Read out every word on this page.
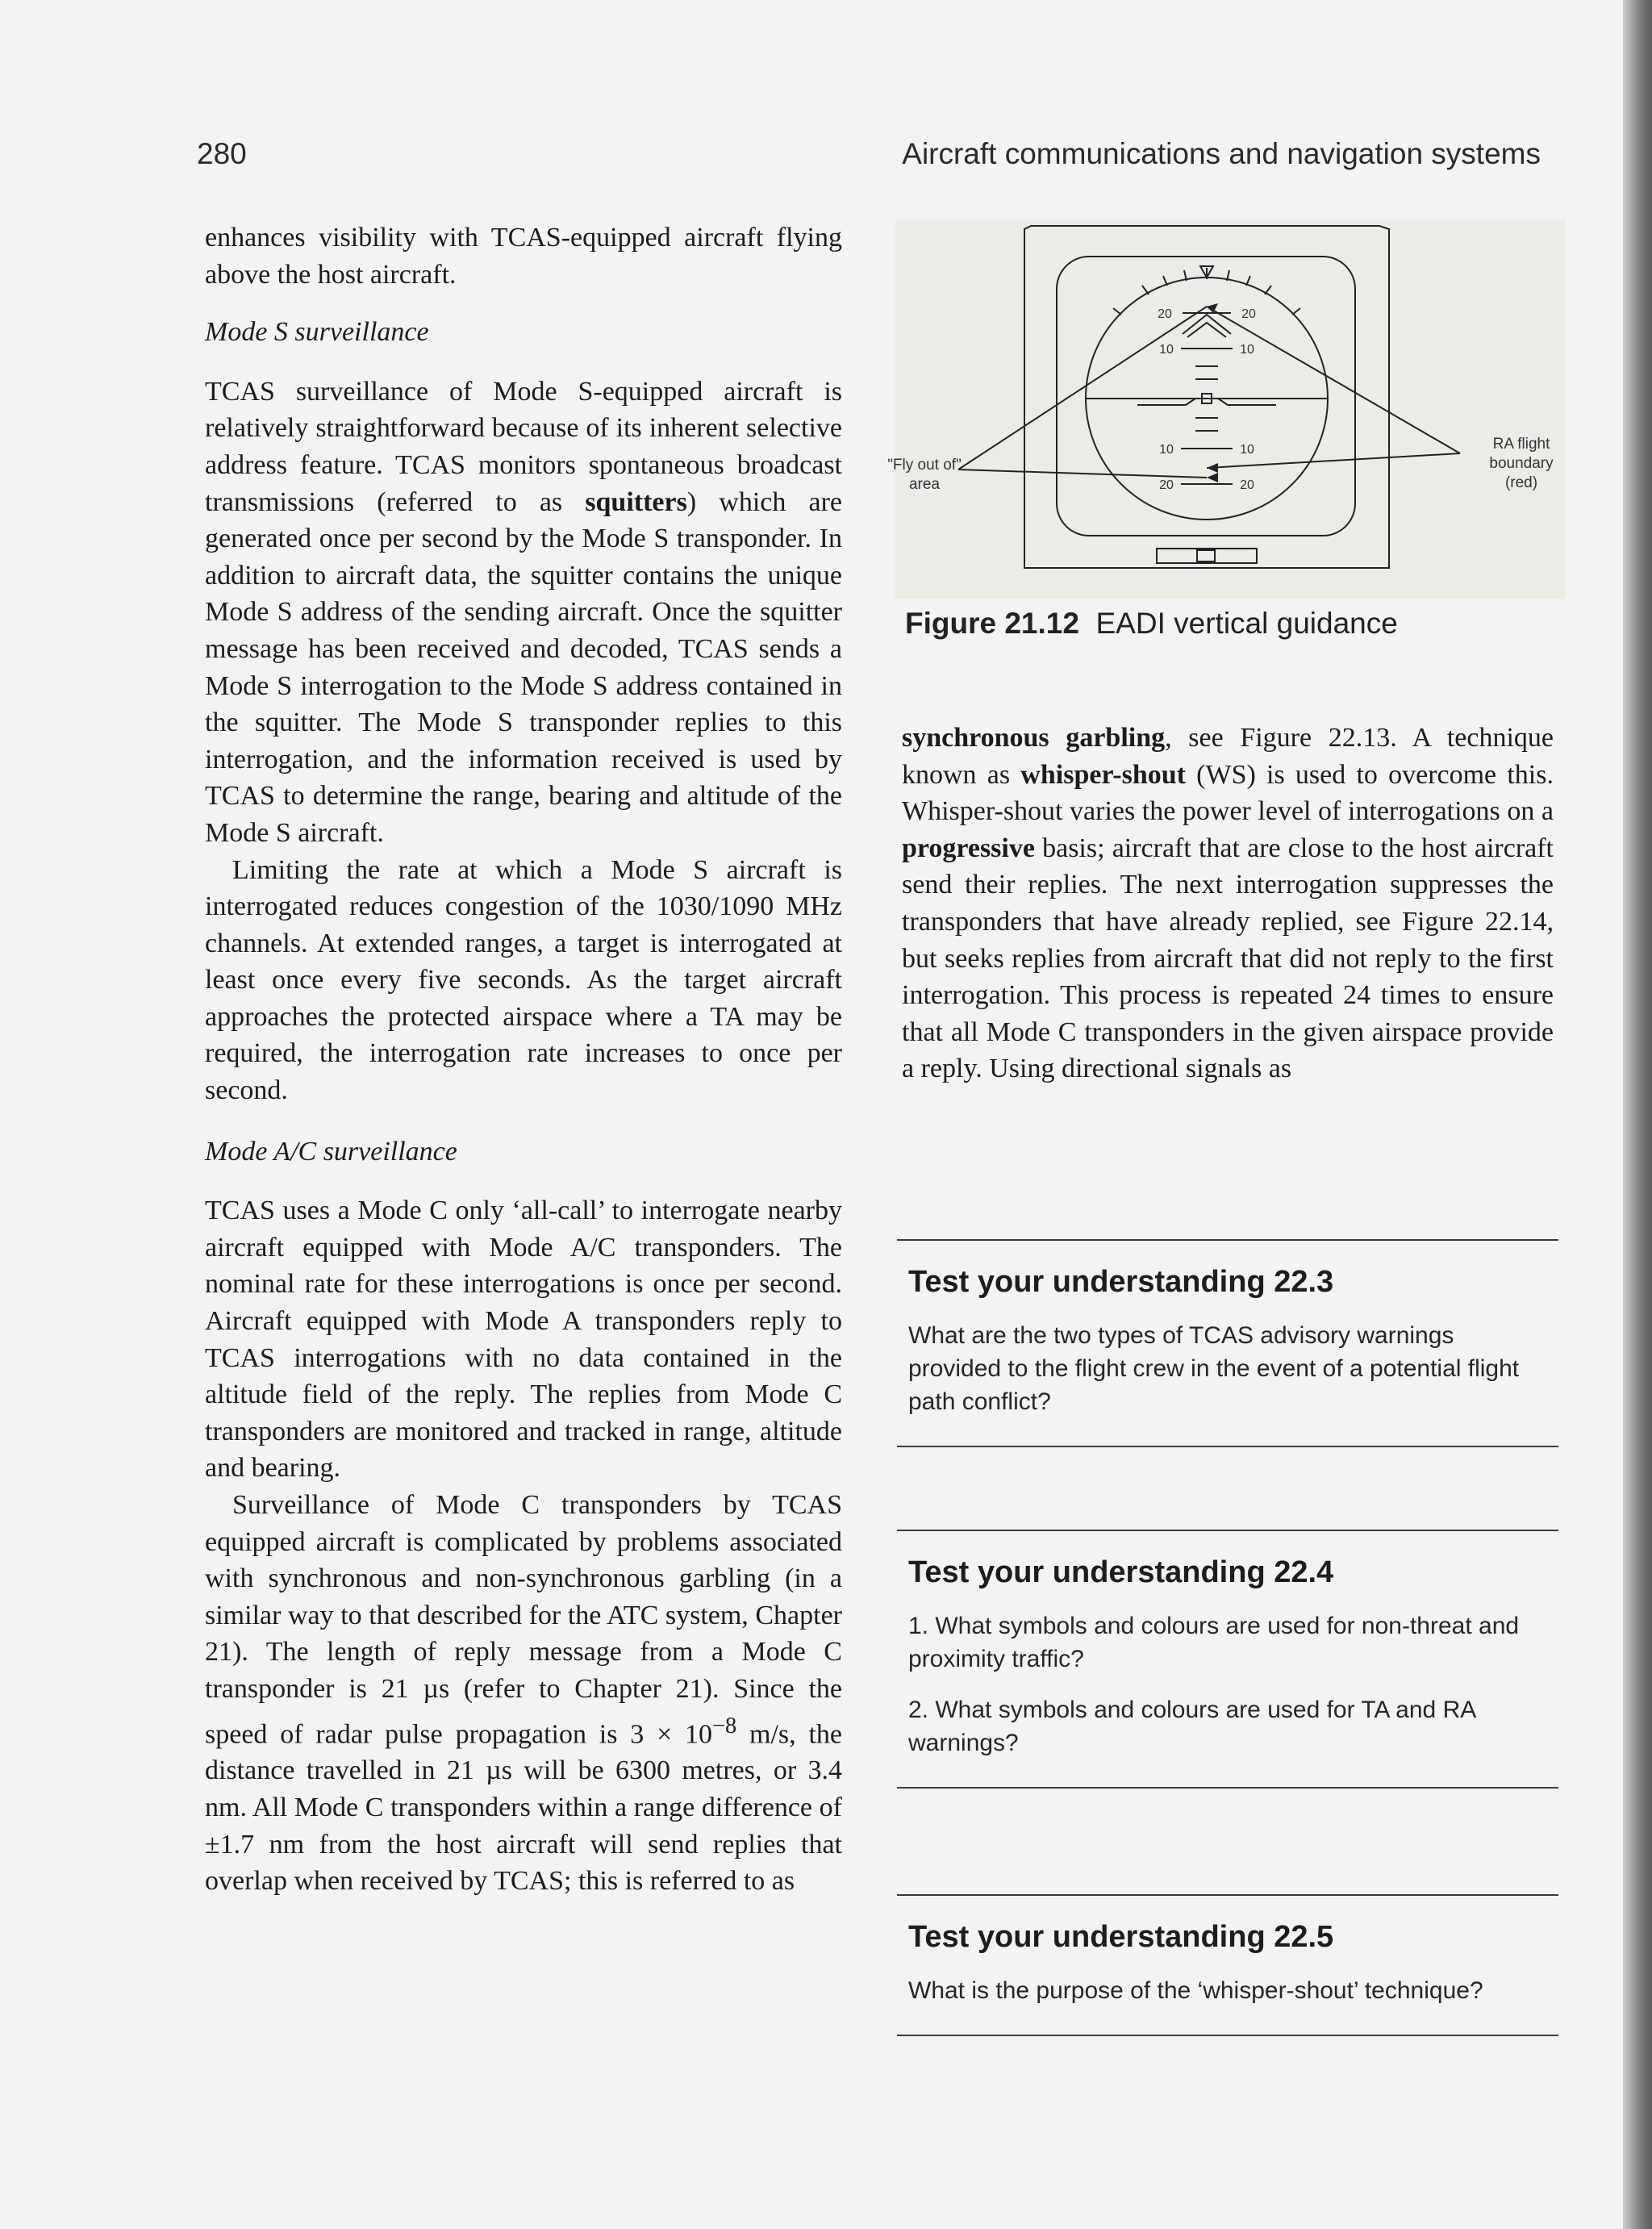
280	Aircraft communications and navigation systems

enhances visibility with TCAS-equipped aircraft flying above the host aircraft.

Mode S surveillance

TCAS surveillance of Mode S-equipped aircraft is relatively straightforward because of its inherent selective address feature. TCAS monitors spontaneous broadcast transmissions (referred to as squitters) which are generated once per second by the Mode S transponder. In addition to aircraft data, the squitter contains the unique Mode S address of the sending aircraft. Once the squitter message has been received and decoded, TCAS sends a Mode S interrogation to the Mode S address contained in the squitter. The Mode S transponder replies to this interrogation, and the information received is used by TCAS to determine the range, bearing and altitude of the Mode S aircraft.

Limiting the rate at which a Mode S aircraft is interrogated reduces congestion of the 1030/1090 MHz channels. At extended ranges, a target is interrogated at least once every five seconds. As the target aircraft approaches the protected airspace where a TA may be required, the interrogation rate increases to once per second.

Mode A/C surveillance

TCAS uses a Mode C only ‘all-call’ to interrogate nearby aircraft equipped with Mode A/C transponders. The nominal rate for these interrogations is once per second. Aircraft equipped with Mode A transponders reply to TCAS interrogations with no data contained in the altitude field of the reply. The replies from Mode C transponders are monitored and tracked in range, altitude and bearing.

Surveillance of Mode C transponders by TCAS equipped aircraft is complicated by problems associated with synchronous and non-synchronous garbling (in a similar way to that described for the ATC system, Chapter 21). The length of reply message from a Mode C transponder is 21 µs (refer to Chapter 21). Since the speed of radar pulse propagation is $3 \times 10^{-8}$ m/s, the distance travelled in 21 µs will be 6300 metres, or 3.4 nm. All Mode C transponders within a range difference of ±1.7 nm from the host aircraft will send replies that overlap when received by TCAS; this is referred to as

20	20
10	10
10	10
20	20
"Fly out of"
area
RA flight
boundary
(red)
Figure 21.12 EADI vertical guidance

synchronous garbling, see Figure 22.13. A technique known as whisper-shout (WS) is used to overcome this. Whisper-shout varies the power level of interrogations on a progressive basis; aircraft that are close to the host aircraft send their replies. The next interrogation suppresses the transponders that have already replied, see Figure 22.14, but seeks replies from aircraft that did not reply to the first interrogation. This process is repeated 24 times to ensure that all Mode C transponders in the given airspace provide a reply. Using directional signals as

Test your understanding 22.3

What are the two types of TCAS advisory warnings provided to the flight crew in the event of a potential flight path conflict?

Test your understanding 22.4

1. What symbols and colours are used for non-threat and proximity traffic?

2. What symbols and colours are used for TA and RA warnings?

Test your understanding 22.5

What is the purpose of the ‘whisper-shout’ technique?
